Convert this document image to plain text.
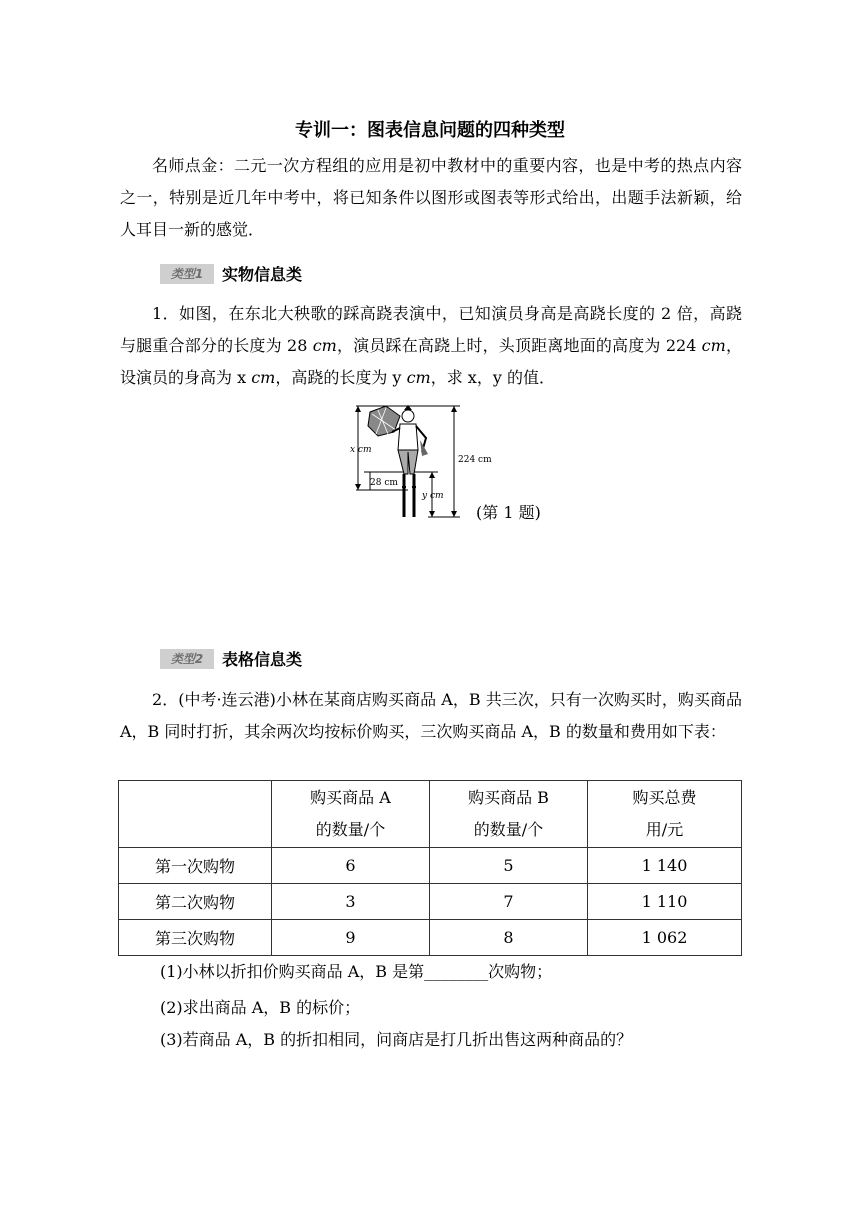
专训一：图表信息问题的四种类型
名师点金：二元一次方程组的应用是初中教材中的重要内容，也是中考的热点内容之一，特别是近几年中考中，将已知条件以图形或图表等形式给出，出题手法新颖，给人耳目一新的感觉．
类型1 实物信息类
1．如图，在东北大秧歌的踩高跷表演中，已知演员身高是高跷长度的 2 倍，高跷与腿重合部分的长度为 28 cm，演员踩在高跷上时，头顶距离地面的高度为 224 cm，设演员的身高为 x cm，高跷的长度为 y cm，求 x，y 的值．
x cm
224 cm
28 cm
y cm
(第 1 题)
类型2 表格信息类
2．(中考·连云港)小林在某商店购买商品 A，B 共三次，只有一次购买时，购买商品 A，B 同时打折，其余两次均按标价购买，三次购买商品 A，B 的数量和费用如下表：
	购买商品 A
的数量/个	购买商品 B
的数量/个	购买总费
用/元
第一次购物	6	5	1 140
第二次购物	3	7	1 110
第三次购物	9	8	1 062
(1)小林以折扣价购买商品 A，B 是第________次购物；
(2)求出商品 A，B 的标价；
(3)若商品 A，B 的折扣相同，问商店是打几折出售这两种商品的？
